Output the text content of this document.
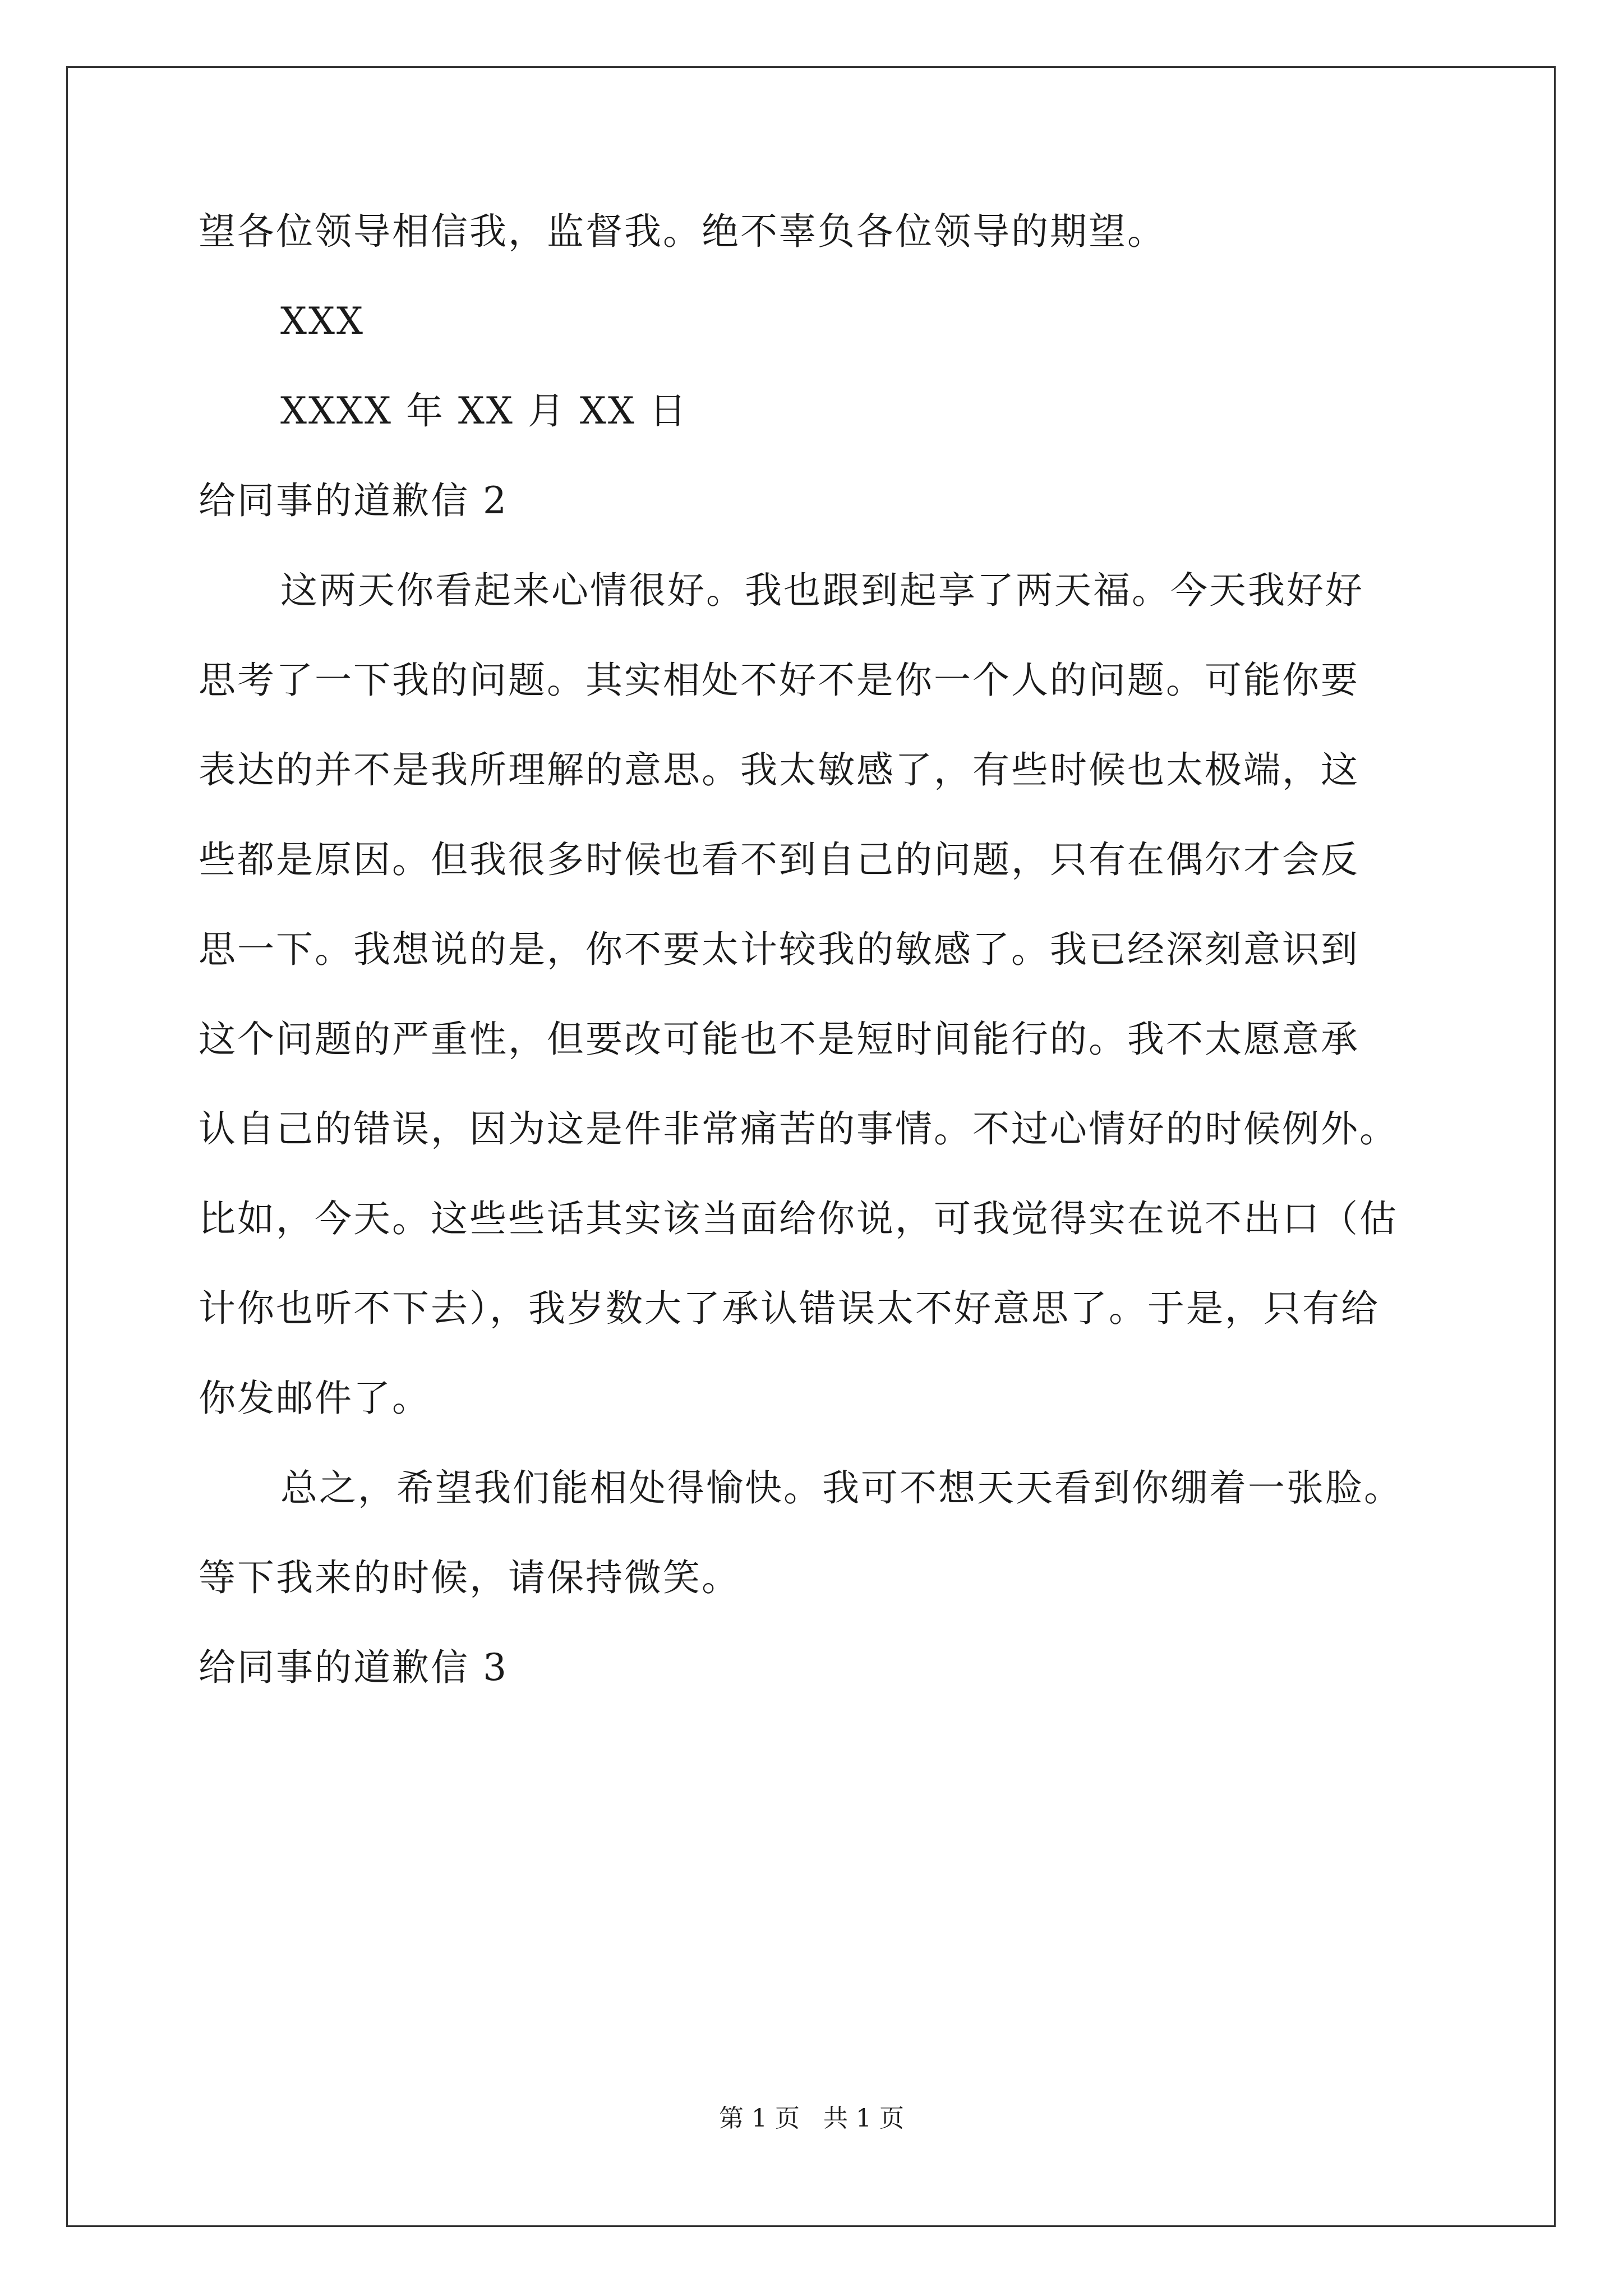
望各位领导相信我，监督我。绝不辜负各位领导的期望。
XXX
XXXX 年 XX 月 XX 日
给同事的道歉信 2
这两天你看起来心情很好。我也跟到起享了两天福。今天我好好
思考了一下我的问题。其实相处不好不是你一个人的问题。可能你要
表达的并不是我所理解的意思。我太敏感了，有些时候也太极端，这
些都是原因。但我很多时候也看不到自己的问题，只有在偶尔才会反
思一下。我想说的是，你不要太计较我的敏感了。我已经深刻意识到
这个问题的严重性，但要改可能也不是短时间能行的。我不太愿意承
认自己的错误，因为这是件非常痛苦的事情。不过心情好的时候例外。
比如，今天。这些些话其实该当面给你说，可我觉得实在说不出口（估
计你也听不下去），我岁数大了承认错误太不好意思了。于是，只有给
你发邮件了。
总之，希望我们能相处得愉快。我可不想天天看到你绷着一张脸。
等下我来的时候，请保持微笑。
给同事的道歉信 3
第 1 页 共 1 页
